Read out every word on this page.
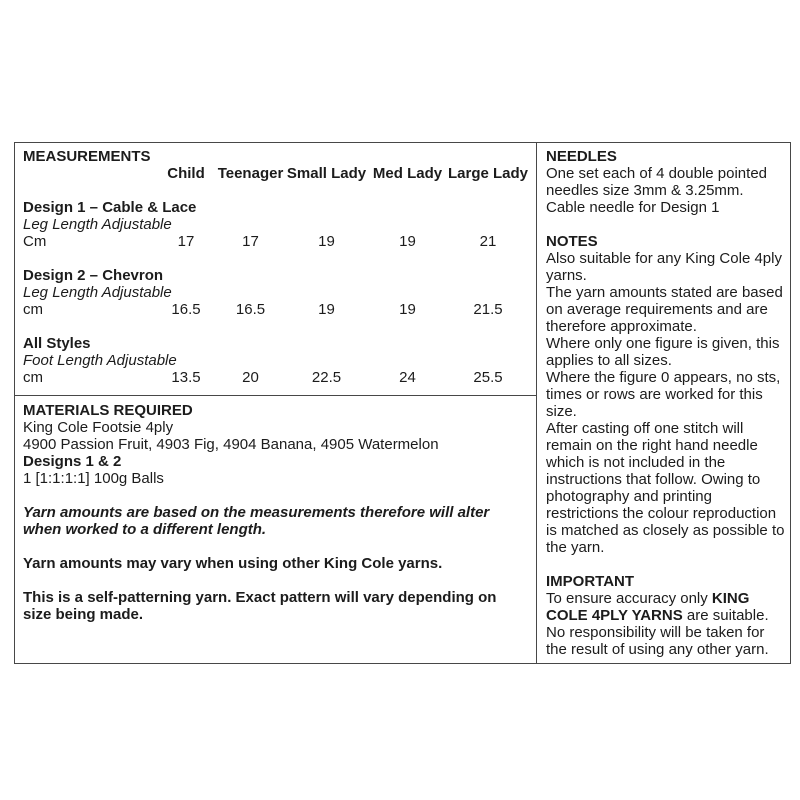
MEASUREMENTS
	Child	Teenager	Small Lady	Med Lady	Large Lady

Design 1 – Cable & Lace					
Leg Length Adjustable					
Cm	17	17	19	19	21

Design 2 – Chevron					
Leg Length Adjustable					
cm	16.5	16.5	19	19	21.5

All Styles					
Foot Length Adjustable					
cm	13.5	20	22.5	24	25.5
MATERIALS REQUIRED
King Cole Footsie 4ply
4900 Passion Fruit, 4903 Fig, 4904 Banana, 4905 Watermelon
Designs 1 & 2
1 [1:1:1:1] 100g Balls

Yarn amounts are based on the measurements therefore will alter when worked to a different length.

Yarn amounts may vary when using other King Cole yarns.

This is a self-patterning yarn. Exact pattern will vary depending on size being made.

NEEDLES

One set each of 4 double pointed needles size 3mm & 3.25mm.

Cable needle for Design 1

NOTES

Also suitable for any King Cole 4ply yarns.

The yarn amounts stated are based on average requirements and are therefore approximate.

Where only one figure is given, this applies to all sizes.

Where the figure 0 appears, no sts, times or rows are worked for this size.

After casting off one stitch will remain on the right hand needle which is not included in the instructions that follow. Owing to photography and printing restrictions the colour reproduction is matched as closely as possible to the yarn.

IMPORTANT

To ensure accuracy only KING COLE 4PLY YARNS are suitable.

No responsibility will be taken for the result of using any other yarn.
